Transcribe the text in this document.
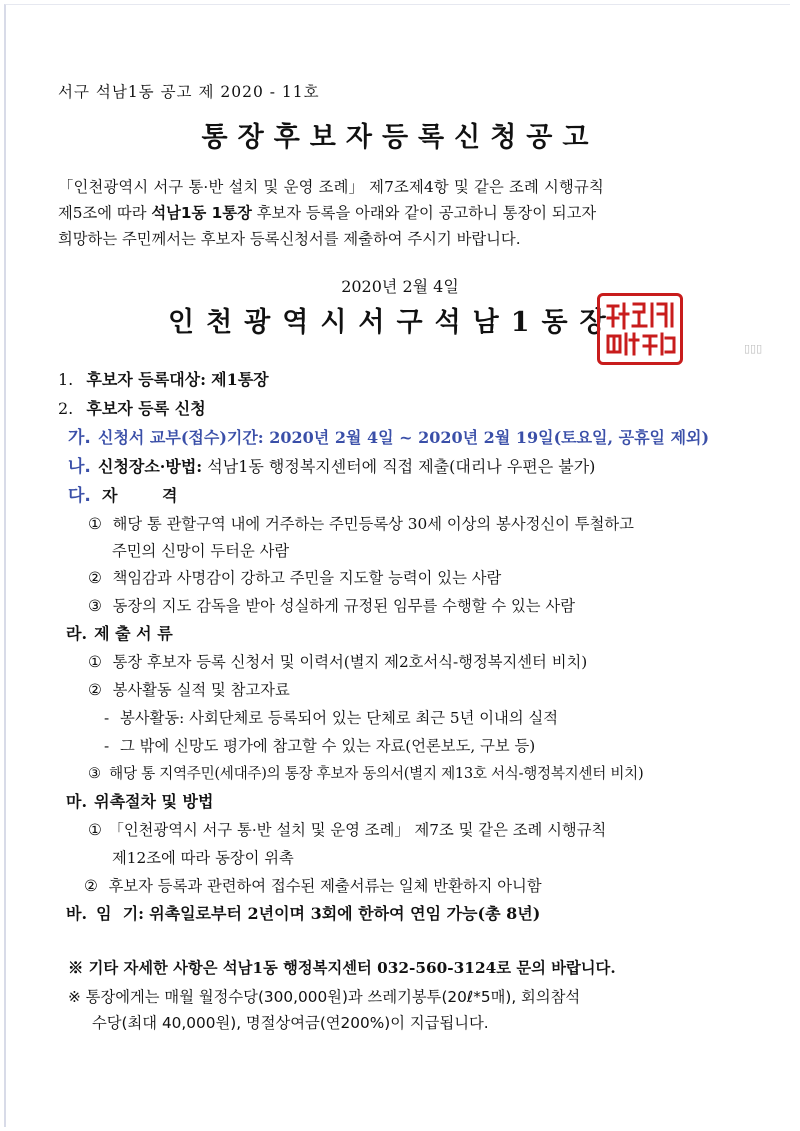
서구 석남1동 공고 제 2020 - 11호
통장후보자등록신청공고
「인천광역시 서구 통·반 설치 및 운영 조례」 제7조제4항 및 같은 조례 시행규칙
제5조에 따라 석남1동 1통장 후보자 등록을 아래와 같이 공고하니 통장이 되고자
희망하는 주민께서는 후보자 등록신청서를 제출하여 주시기 바랍니다.
2020년 2월 4일
인천광역시서구석남1동장
▯▯▯
1. 후보자 등록대상: 제1통장
2. 후보자 등록 신청
가. 신청서 교부(접수)기간: 2020년 2월 4일 ~ 2020년 2월 19일(토요일, 공휴일 제외)
나. 신청장소·방법: 석남1동 행정복지센터에 직접 제출(대리나 우편은 불가)
다. 자        격
① 해당 통 관할구역 내에 거주하는 주민등록상 30세 이상의 봉사정신이 투철하고
주민의 신망이 두터운 사람
② 책임감과 사명감이 강하고 주민을 지도할 능력이 있는 사람
③ 동장의 지도 감독을 받아 성실하게 규정된 임무를 수행할 수 있는 사람
라. 제 출 서 류
① 통장 후보자 등록 신청서 및 이력서(별지 제2호서식-행정복지센터 비치)
② 봉사활동 실적 및 참고자료
- 봉사활동: 사회단체로 등록되어 있는 단체로 최근 5년 이내의 실적
- 그 밖에 신망도 평가에 참고할 수 있는 자료(언론보도, 구보 등)
③ 해당 통 지역주민(세대주)의 통장 후보자 동의서(별지 제13호 서식-행정복지센터 비치)
마. 위촉절차 및 방법
① 「인천광역시 서구 통·반 설치 및 운영 조례」 제7조 및 같은 조례 시행규칙
제12조에 따라 동장이 위촉
② 후보자 등록과 관련하여 접수된 제출서류는 일체 반환하지 아니함
바. 임  기: 위촉일로부터 2년이며 3회에 한하여 연임 가능(총 8년)
※ 기타 자세한 사항은 석남1동 행정복지센터 032-560-3124로 문의 바랍니다.
※ 통장에게는 매월 월정수당(300,000원)과 쓰레기봉투(20ℓ*5매), 회의참석
수당(최대 40,000원), 명절상여금(연200%)이 지급됩니다.
